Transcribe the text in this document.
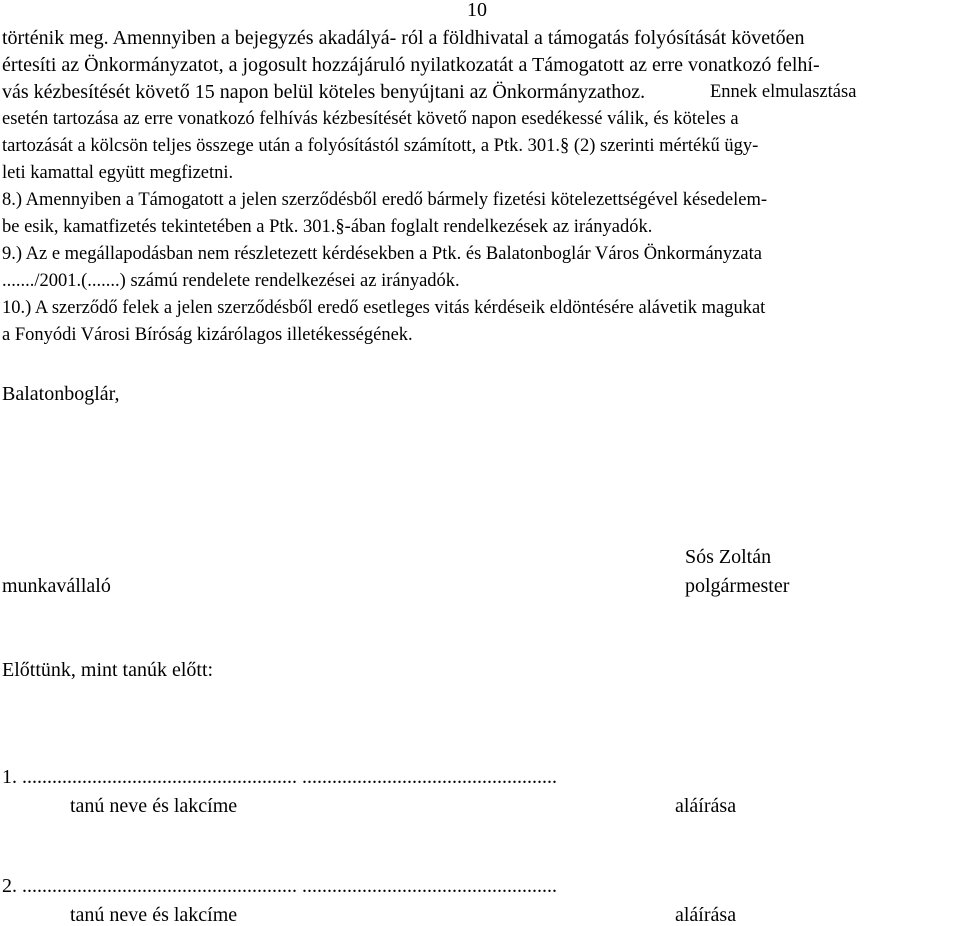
10
történik meg. Amennyiben a bejegyzés akadályá- ról a földhivatal a támogatás folyósítását követően
értesíti az Önkormányzatot, a jogosult hozzájáruló nyilatkozatát a Támogatott az erre vonatkozó felhí-
vás kézbesítését követő 15 napon belül köteles benyújtani az Önkormányzathoz.	Ennek elmulasztása
esetén tartozása az erre vonatkozó felhívás kézbesítését követő napon esedékessé válik, és köteles a
tartozását a kölcsön teljes összege után a folyósítástól számított, a Ptk. 301.§ (2) szerinti mértékű ügy-
leti kamattal együtt megfizetni.
8.) Amennyiben a Támogatott a jelen szerződésből eredő bármely fizetési kötelezettségével késedelem-
be esik, kamatfizetés tekintetében a Ptk. 301.§-ában foglalt rendelkezések az irányadók.
9.) Az e megállapodásban nem részletezett kérdésekben a Ptk. és Balatonboglár Város Önkormányzata
......./2001.(.......) számú rendelete rendelkezései az irányadók.
10.) A szerződő felek a jelen szerződésből eredő esetleges vitás kérdéseik eldöntésére alávetik magukat
a Fonyódi Városi Bíróság kizárólagos illetékességének.
Balatonboglár,
Sós Zoltán
munkavállaló	polgármester
Előttünk, mint tanúk előtt:
1. ....................................................... ...................................................
tanú neve és lakcíme	aláírása
2. ....................................................... ...................................................
tanú neve és lakcíme	aláírása
